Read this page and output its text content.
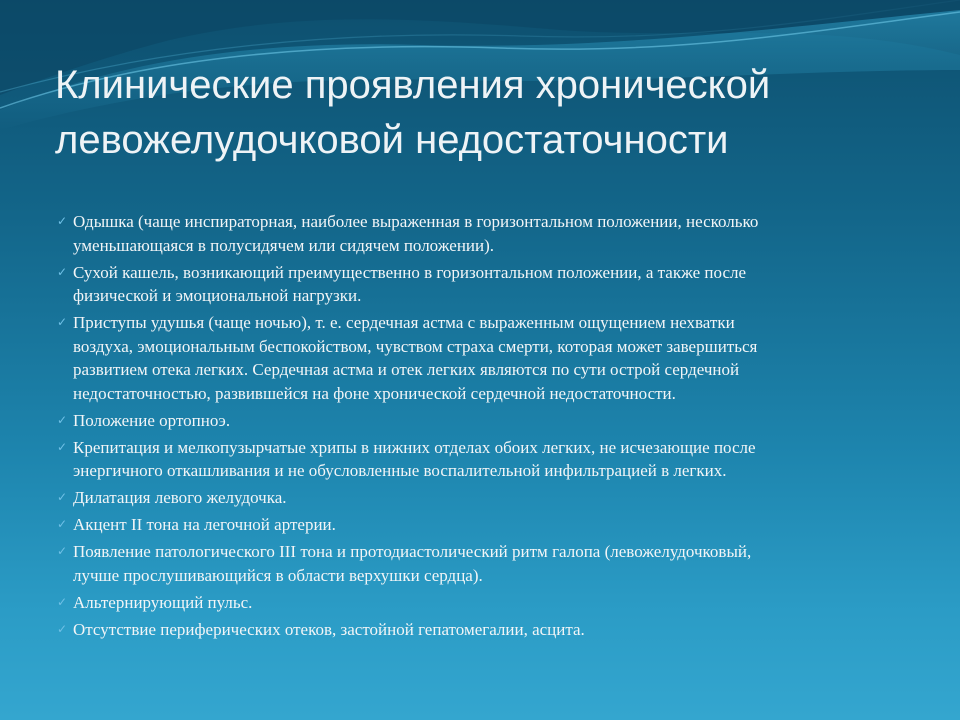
Клинические проявления хронической
левожелудочковой недостаточности
✓ Одышка (чаще инспираторная, наиболее выраженная в горизонтальном положении, несколько
уменьшающаяся в полусидячем или сидячем положении).
✓ Сухой кашель, возникающий преимущественно в горизонтальном положении, а также после
физической и эмоциональной нагрузки.
✓ Приступы удушья (чаще ночью), т. е. сердечная астма с выраженным ощущением нехватки
воздуха, эмоциональным беспокойством, чувством страха смерти, которая может завершиться
развитием отека легких. Сердечная астма и отек легких являются по сути острой сердечной
недостаточностью, развившейся на фоне хронической сердечной недостаточности.
✓ Положение ортопноэ.
✓ Крепитация и мелкопузырчатые хрипы в нижних отделах обоих легких, не исчезающие после
энергичного откашливания и не обусловленные воспалительной инфильтрацией в легких.
✓ Дилатация левого желудочка.
✓ Акцент II тона на легочной артерии.
✓ Появление патологического III тона и протодиастолический ритм галопа (левожелудочковый,
лучше прослушивающийся в области верхушки сердца).
✓ Альтернирующий пульс.
✓ Отсутствие периферических отеков, застойной гепатомегалии, асцита.
